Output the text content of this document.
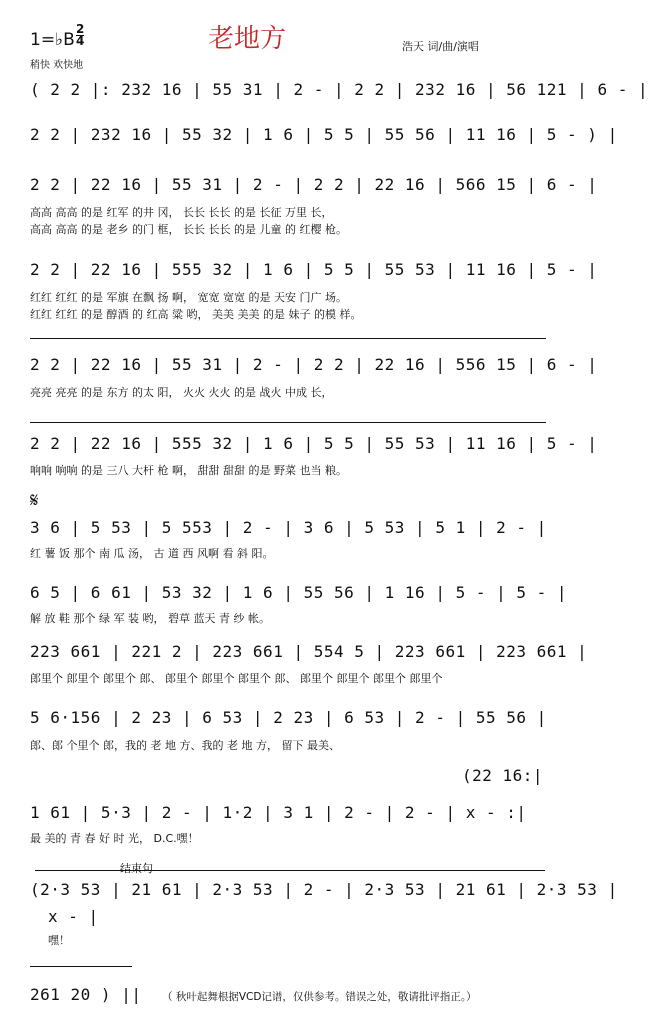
1=♭B
2
4
稍快 欢快地
老地方	浩天 词/曲/演唱
( 2 2 |: 232 16 | 55 31 | 2 - | 2 2 | 232 16 | 56 121 | 6 - |
2 2 | 232 16 | 55 32 | 1 6 | 5 5 | 55 56 | 11 16 | 5 - ) |
2 2 | 22 16 | 55 31 | 2 - | 2 2 | 22 16 | 566 15 | 6 - |
高高 高高 的是 红军 的井 冈， 长长 长长 的是 长征 万里 长，
高高 高高 的是 老乡 的门 框， 长长 长长 的是 儿童 的 红樱 枪。
2 2 | 22 16 | 555 32 | 1 6 | 5 5 | 55 53 | 11 16 | 5 - |
红红 红红 的是 军旗 在飘 扬 啊， 宽宽 宽宽 的是 天安 门广 场。
红红 红红 的是 醇酒 的 红高 粱 哟， 美美 美美 的是 妹子 的模 样。
2 2 | 22 16 | 55 31 | 2 - | 2 2 | 22 16 | 556 15 | 6 - |
亮亮 亮亮 的是 东方 的太 阳， 火火 火火 的是 战火 中成 长，
2 2 | 22 16 | 555 32 | 1 6 | 5 5 | 55 53 | 11 16 | 5 - |
响响 响响 的是 三八 大杆 枪 啊， 甜甜 甜甜 的是 野菜 也当 粮。
𝄋
3 6 | 5 53 | 5 553 | 2 - | 3 6 | 5 53 | 5 1 | 2 - |
红 薯 饭 那个 南 瓜 汤， 古 道 西 风啊 看 斜 阳。
6 5 | 6 61 | 53 32 | 1 6 | 55 56 | 1 16 | 5 - | 5 - |
解 放 鞋 那个 绿 军 装 哟， 碧草 蓝天 青 纱 帐。
223 661 | 221 2 | 223 661 | 554 5 | 223 661 | 223 661 |
郎里个 郎里个 郎里个 郎、 郎里个 郎里个 郎里个 郎、 郎里个 郎里个 郎里个 郎里个
5 6·156 | 2 23 | 6 53 | 2 23 | 6 53 | 2 - | 55 56 |
郎、郎 个里个 郎，我的 老 地 方、我的 老 地 方， 留下 最美、
(22 16:|
1 61 | 5·3 | 2 - | 1·2 | 3 1 | 2 - | 2 - | x - :|
最 美的 青 春 好 时 光， D.C.嘿！
结束句
(2·3 53 | 21 61 | 2·3 53 | 2 - | 2·3 53 | 21 61 | 2·3 53 |
x - |
嘿！
261 20 ) || （ 秋叶起舞根据VCD记谱，仅供参考。错误之处，敬请批评指正。）
